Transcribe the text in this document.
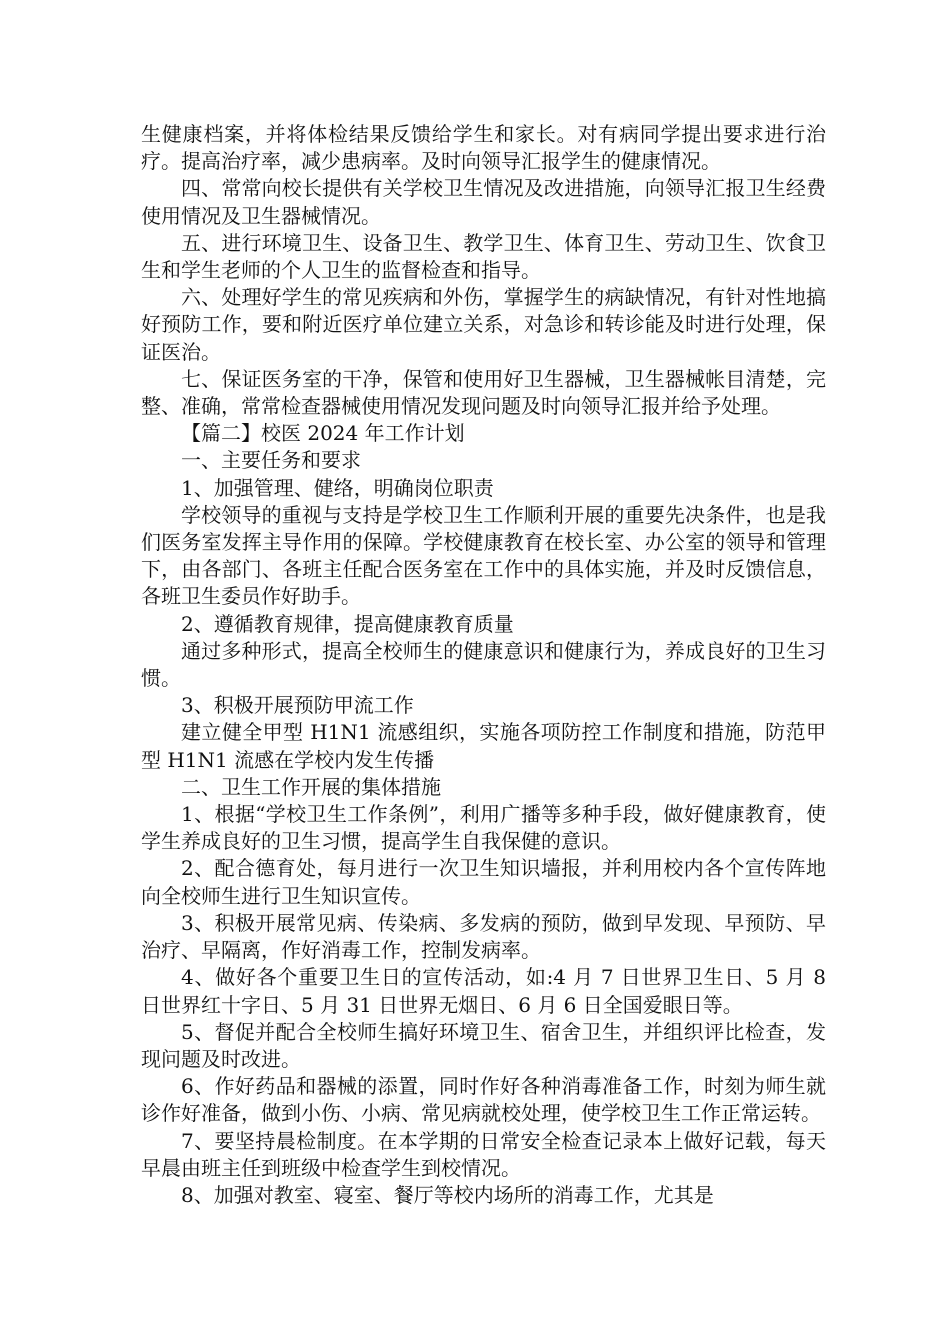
生健康档案，并将体检结果反馈给学生和家长。对有病同学提出要求进行治疗。提高治疗率，减少患病率。及时向领导汇报学生的健康情况。

四、常常向校长提供有关学校卫生情况及改进措施，向领导汇报卫生经费使用情况及卫生器械情况。

五、进行环境卫生、设备卫生、教学卫生、体育卫生、劳动卫生、饮食卫生和学生老师的个人卫生的监督检查和指导。

六、处理好学生的常见疾病和外伤，掌握学生的病缺情况，有针对性地搞好预防工作，要和附近医疗单位建立关系，对急诊和转诊能及时进行处理，保证医治。

七、保证医务室的干净，保管和使用好卫生器械，卫生器械帐目清楚，完整、准确，常常检查器械使用情况发现问题及时向领导汇报并给予处理。

【篇二】校医 2024 年工作计划

一、主要任务和要求

1、加强管理、健络，明确岗位职责

学校领导的重视与支持是学校卫生工作顺利开展的重要先决条件，也是我们医务室发挥主导作用的保障。学校健康教育在校长室、办公室的领导和管理下，由各部门、各班主任配合医务室在工作中的具体实施，并及时反馈信息，各班卫生委员作好助手。

2、遵循教育规律，提高健康教育质量

通过多种形式，提高全校师生的健康意识和健康行为，养成良好的卫生习惯。

3、积极开展预防甲流工作

建立健全甲型 H1N1 流感组织，实施各项防控工作制度和措施，防范甲型 H1N1 流感在学校内发生传播

二、卫生工作开展的集体措施

1、根据“学校卫生工作条例”，利用广播等多种手段，做好健康教育，使学生养成良好的卫生习惯，提高学生自我保健的意识。

2、配合德育处，每月进行一次卫生知识墙报，并利用校内各个宣传阵地向全校师生进行卫生知识宣传。

3、积极开展常见病、传染病、多发病的预防，做到早发现、早预防、早治疗、早隔离，作好消毒工作，控制发病率。

4、做好各个重要卫生日的宣传活动，如:4 月 7 日世界卫生日、5 月 8 日世界红十字日、5 月 31 日世界无烟日、6 月 6 日全国爱眼日等。

5、督促并配合全校师生搞好环境卫生、宿舍卫生，并组织评比检查，发现问题及时改进。

6、作好药品和器械的添置，同时作好各种消毒准备工作，时刻为师生就诊作好准备，做到小伤、小病、常见病就校处理，使学校卫生工作正常运转。

7、要坚持晨检制度。在本学期的日常安全检查记录本上做好记载，每天早晨由班主任到班级中检查学生到校情况。

8、加强对教室、寝室、餐厅等校内场所的消毒工作，尤其是
